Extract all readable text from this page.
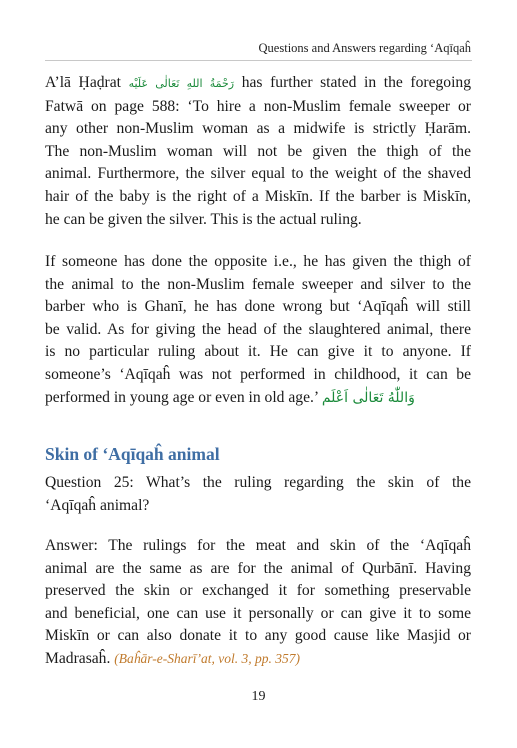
Questions and Answers regarding ‘Aqīqaĥ
A’lā Ḥaḍrat رَحْمَةُ اللهِ تَعَالٰى عَلَيْه has further stated in the foregoing
Fatwā on page 588: ‘To hire a non-Muslim female sweeper or
any other non-Muslim woman as a midwife is strictly Ḥarām.
The non-Muslim woman will not be given the thigh of the
animal. Furthermore, the silver equal to the weight of the shaved
hair of the baby is the right of a Miskīn. If the barber is Miskīn,
he can be given the silver. This is the actual ruling.
If someone has done the opposite i.e., he has given the thigh of
the animal to the non-Muslim female sweeper and silver to the
barber who is Ghanī, he has done wrong but ‘Aqīqaĥ will still
be valid. As for giving the head of the slaughtered animal, there
is no particular ruling about it. He can give it to anyone. If
someone’s ‘Aqīqaĥ was not performed in childhood, it can be
performed in young age or even in old age.’ وَاللّٰهُ تَعَالٰى اَعْلَم
Skin of ‘Aqīqaĥ animal
Question 25: What’s the ruling regarding the skin of the
‘Aqīqaĥ animal?
Answer: The rulings for the meat and skin of the ‘Aqīqaĥ
animal are the same as are for the animal of Qurbānī. Having
preserved the skin or exchanged it for something preservable
and beneficial, one can use it personally or can give it to some
Miskīn or can also donate it to any good cause like Masjid or
Madrasaĥ. (Baĥār-e-Sharī’at, vol. 3, pp. 357)
19
